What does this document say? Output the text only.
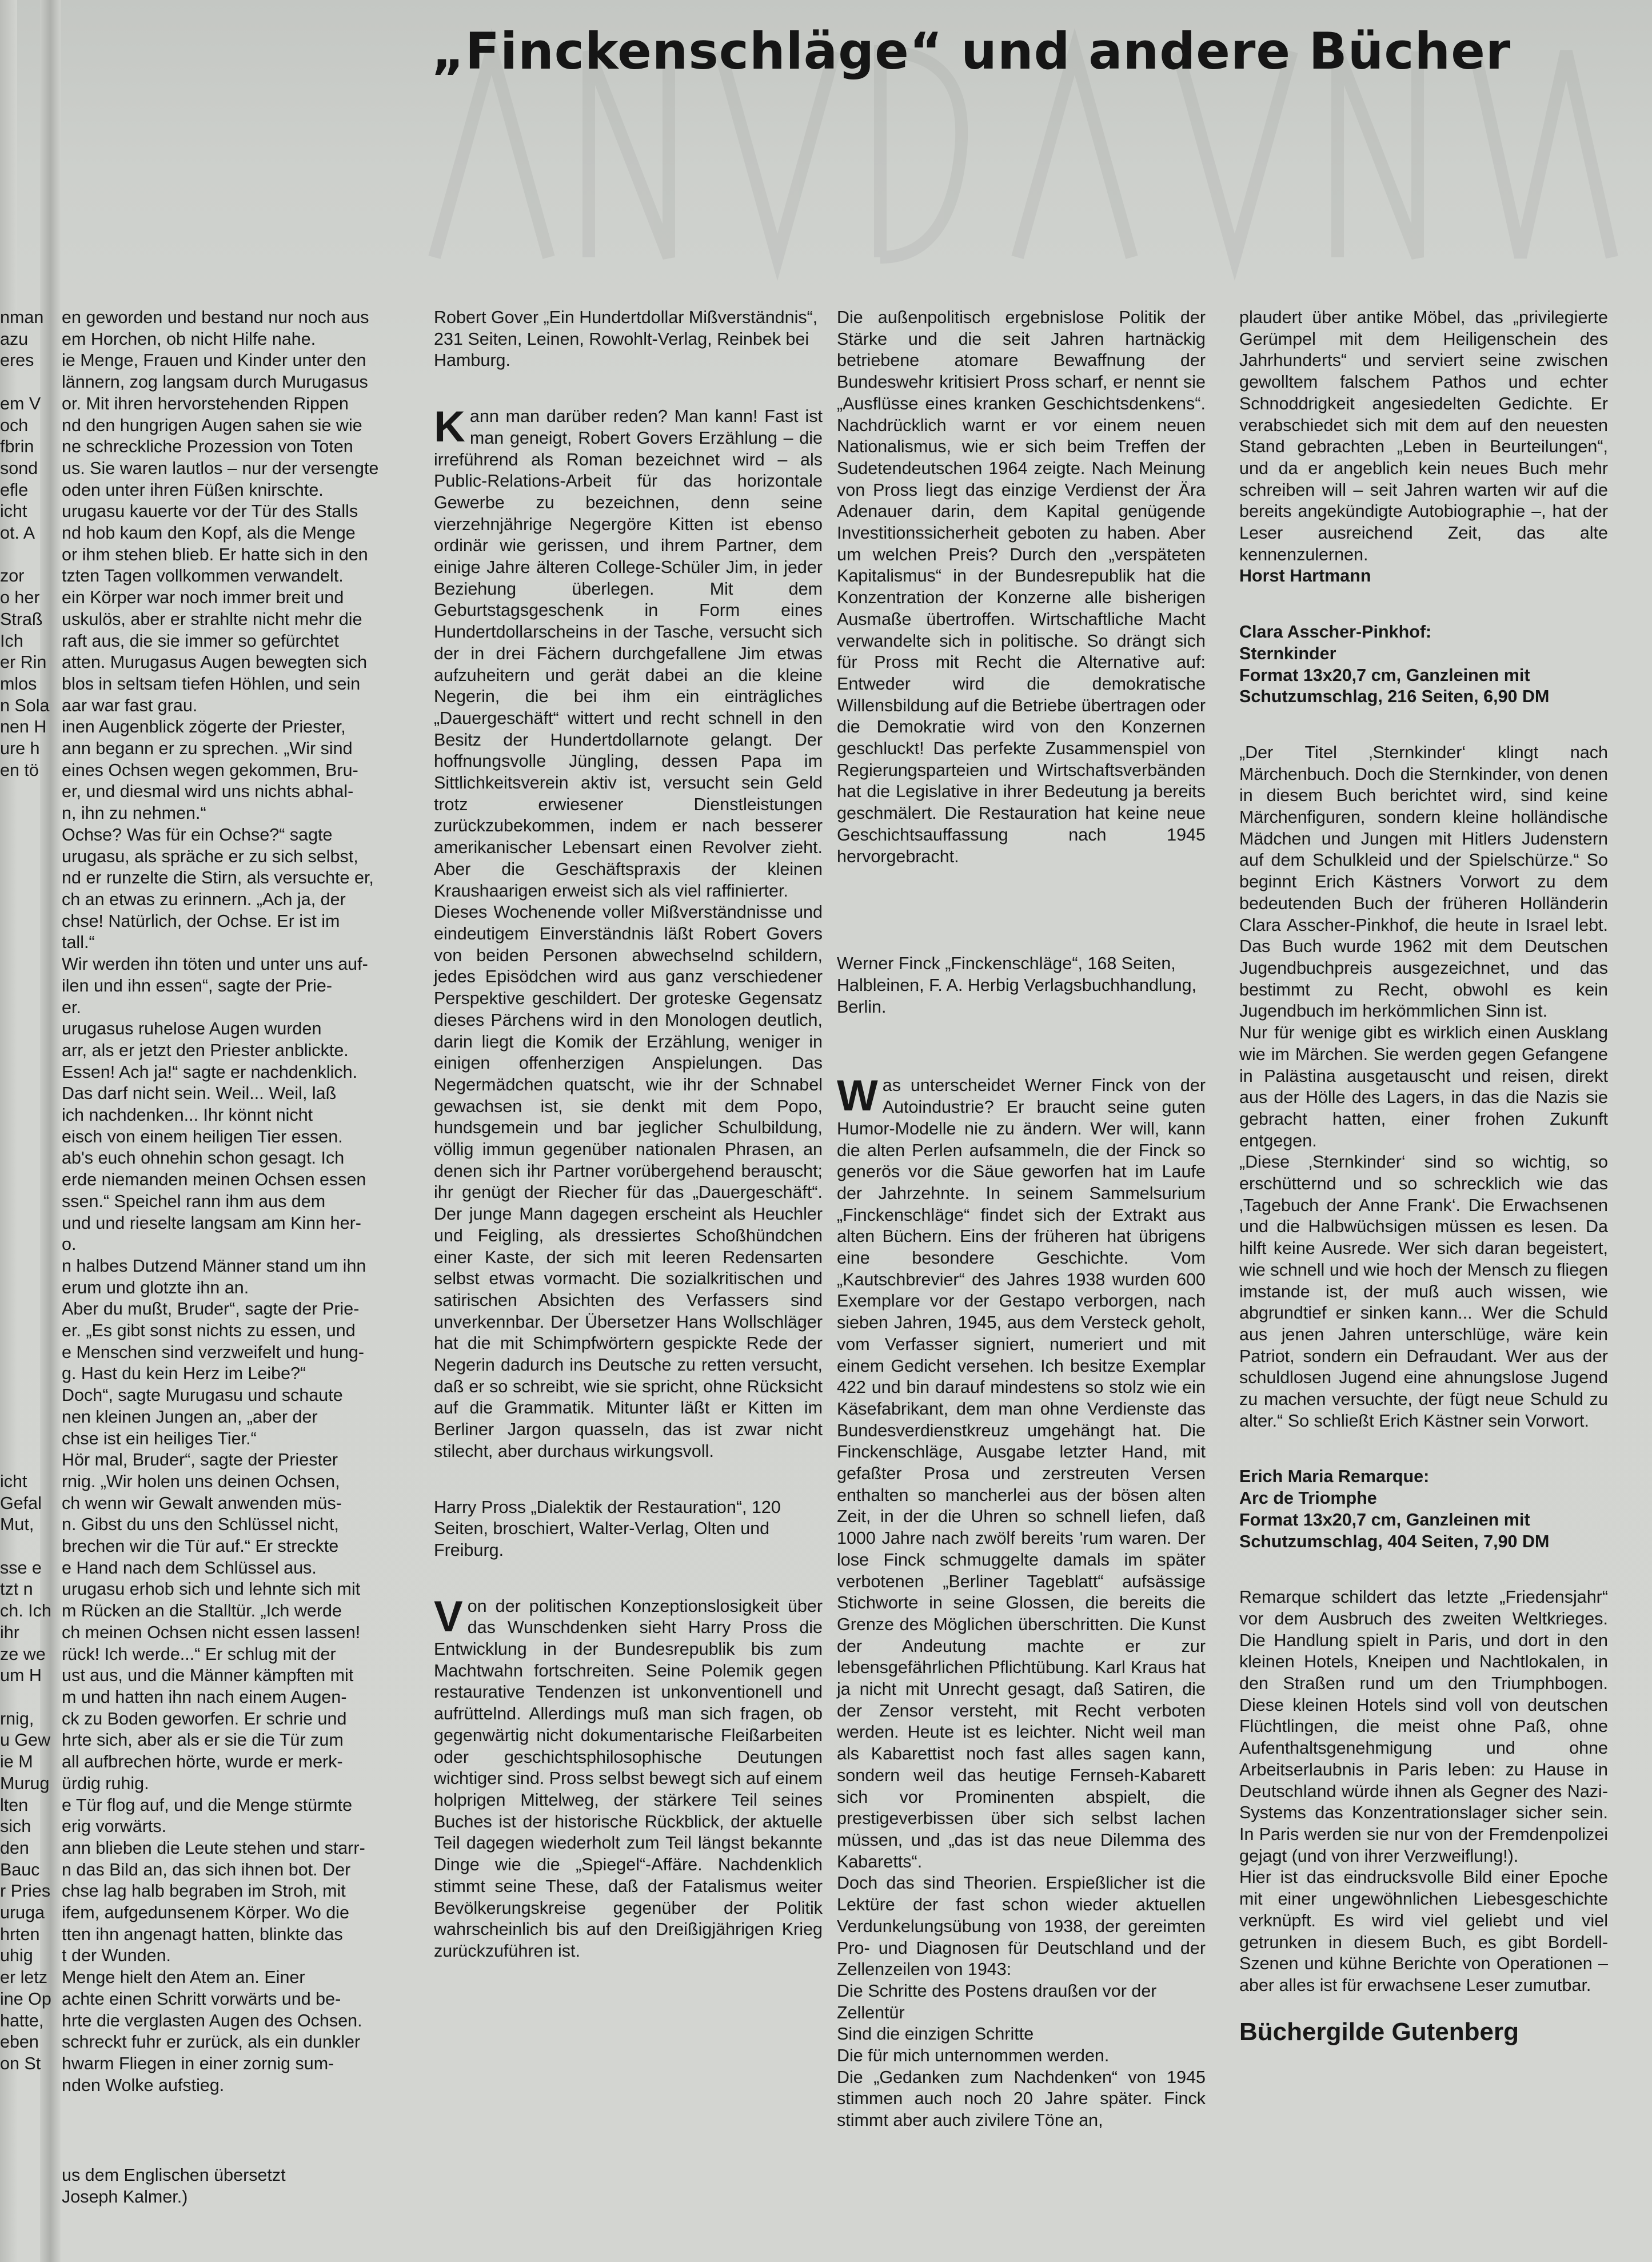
„Finckenschläge“ und andere Bücher
nman
azu
eres

em V
och
fbrin
sond
efle
icht
ot. A

zor
o her
Straß
Ich
er Rin
mlos
n Sola
nen H
ure h
en tö

icht
Gefal
Mut,

sse e
tzt n
ch. Ich
ihr
ze we
um H

rnig,
u Gew
ie M
Murug
lten
sich
den
Bauc
r Pries
uruga
hrten
uhig
er letz
ine Op
hatte,
eben
on St
en geworden und bestand nur noch aus
em Horchen, ob nicht Hilfe nahe.
ie Menge, Frauen und Kinder unter den
lännern, zog langsam durch Murugasus
or. Mit ihren hervorstehenden Rippen
nd den hungrigen Augen sahen sie wie
ne schreckliche Prozession von Toten
us. Sie waren lautlos – nur der versengte
oden unter ihren Füßen knirschte.
urugasu kauerte vor der Tür des Stalls
nd hob kaum den Kopf, als die Menge
or ihm stehen blieb. Er hatte sich in den
tzten Tagen vollkommen verwandelt.
ein Körper war noch immer breit und
uskulös, aber er strahlte nicht mehr die
raft aus, die sie immer so gefürchtet
atten. Murugasus Augen bewegten sich
blos in seltsam tiefen Höhlen, und sein
aar war fast grau.
inen Augenblick zögerte der Priester,
ann begann er zu sprechen. „Wir sind
eines Ochsen wegen gekommen, Bru-
er, und diesmal wird uns nichts abhal-
n, ihn zu nehmen.“
Ochse? Was für ein Ochse?“ sagte
urugasu, als spräche er zu sich selbst,
nd er runzelte die Stirn, als versuchte er,
ch an etwas zu erinnern. „Ach ja, der
chse! Natürlich, der Ochse. Er ist im
tall.“
Wir werden ihn töten und unter uns auf-
ilen und ihn essen“, sagte der Prie-
er.
urugasus ruhelose Augen wurden
arr, als er jetzt den Priester anblickte.
Essen! Ach ja!“ sagte er nachdenklich.
Das darf nicht sein. Weil... Weil, laß
ich nachdenken... Ihr könnt nicht
eisch von einem heiligen Tier essen.
ab's euch ohnehin schon gesagt. Ich
erde niemanden meinen Ochsen essen
ssen.“ Speichel rann ihm aus dem
und und rieselte langsam am Kinn her-
o.
n halbes Dutzend Männer stand um ihn
erum und glotzte ihn an.
Aber du mußt, Bruder“, sagte der Prie-
er. „Es gibt sonst nichts zu essen, und
e Menschen sind verzweifelt und hung-
g. Hast du kein Herz im Leibe?“
Doch“, sagte Murugasu und schaute
nen kleinen Jungen an, „aber der
chse ist ein heiliges Tier.“
Hör mal, Bruder“, sagte der Priester
rnig. „Wir holen uns deinen Ochsen,
ch wenn wir Gewalt anwenden müs-
n. Gibst du uns den Schlüssel nicht,
brechen wir die Tür auf.“ Er streckte
e Hand nach dem Schlüssel aus.
urugasu erhob sich und lehnte sich mit
m Rücken an die Stalltür. „Ich werde
ch meinen Ochsen nicht essen lassen!
rück! Ich werde...“ Er schlug mit der
ust aus, und die Männer kämpften mit
m und hatten ihn nach einem Augen-
ck zu Boden geworfen. Er schrie und
hrte sich, aber als er sie die Tür zum
all aufbrechen hörte, wurde er merk-
ürdig ruhig.
e Tür flog auf, und die Menge stürmte
erig vorwärts.
ann blieben die Leute stehen und starr-
n das Bild an, das sich ihnen bot. Der
chse lag halb begraben im Stroh, mit
ifem, aufgedunsenem Körper. Wo die
tten ihn angenagt hatten, blinkte das
t der Wunden.
Menge hielt den Atem an. Einer
achte einen Schritt vorwärts und be-
hrte die verglasten Augen des Ochsen.
schreckt fuhr er zurück, als ein dunkler
hwarm Fliegen in einer zornig sum-
nden Wolke aufstieg.
us dem Englischen übersetzt
Joseph Kalmer.)

Robert Gover „Ein Hundertdollar Mißverständnis“, 231 Seiten, Leinen, Rowohlt-Verlag, Reinbek bei Hamburg.

Kann man darüber reden? Man kann! Fast ist man geneigt, Robert Govers Erzählung – die irreführend als Roman bezeichnet wird – als Public-Relations-Arbeit für das horizontale Gewerbe zu bezeichnen, denn seine vierzehnjährige Negergöre Kitten ist ebenso ordinär wie gerissen, und ihrem Partner, dem einige Jahre älteren College-Schüler Jim, in jeder Beziehung überlegen. Mit dem Geburtstagsgeschenk in Form eines Hundertdollarscheins in der Tasche, versucht sich der in drei Fächern durchgefallene Jim etwas aufzuheitern und gerät dabei an die kleine Negerin, die bei ihm ein einträgliches „Dauergeschäft“ wittert und recht schnell in den Besitz der Hundertdollarnote gelangt. Der hoffnungsvolle Jüngling, dessen Papa im Sittlichkeitsverein aktiv ist, versucht sein Geld trotz erwiesener Dienstleistungen zurückzubekommen, indem er nach besserer amerikanischer Lebensart einen Revolver zieht. Aber die Geschäftspraxis der kleinen Kraushaarigen erweist sich als viel raffinierter.

Dieses Wochenende voller Mißverständnisse und eindeutigem Einverständnis läßt Robert Govers von beiden Personen abwechselnd schildern, jedes Episödchen wird aus ganz verschiedener Perspektive geschildert. Der groteske Gegensatz dieses Pärchens wird in den Monologen deutlich, darin liegt die Komik der Erzählung, weniger in einigen offenherzigen Anspielungen. Das Negermädchen quatscht, wie ihr der Schnabel gewachsen ist, sie denkt mit dem Popo, hundsgemein und bar jeglicher Schulbildung, völlig immun gegenüber nationalen Phrasen, an denen sich ihr Partner vorübergehend berauscht; ihr genügt der Riecher für das „Dauergeschäft“. Der junge Mann dagegen erscheint als Heuchler und Feigling, als dressiertes Schoßhündchen einer Kaste, der sich mit leeren Redensarten selbst etwas vormacht. Die sozialkritischen und satirischen Absichten des Verfassers sind unverkennbar. Der Übersetzer Hans Wollschläger hat die mit Schimpfwörtern gespickte Rede der Negerin dadurch ins Deutsche zu retten versucht, daß er so schreibt, wie sie spricht, ohne Rücksicht auf die Grammatik. Mitunter läßt er Kitten im Berliner Jargon quasseln, das ist zwar nicht stilecht, aber durchaus wirkungsvoll.

Harry Pross „Dialektik der Restauration“, 120 Seiten, broschiert, Walter-Verlag, Olten und Freiburg.

Von der politischen Konzeptionslosigkeit über das Wunschdenken sieht Harry Pross die Entwicklung in der Bundesrepublik bis zum Machtwahn fortschreiten. Seine Polemik gegen restaurative Tendenzen ist unkonventionell und aufrüttelnd. Allerdings muß man sich fragen, ob gegenwärtig nicht dokumentarische Fleißarbeiten oder geschichtsphilosophische Deutungen wichtiger sind. Pross selbst bewegt sich auf einem holprigen Mittelweg, der stärkere Teil seines Buches ist der historische Rückblick, der aktuelle Teil dagegen wiederholt zum Teil längst bekannte Dinge wie die „Spiegel“-Affäre. Nachdenklich stimmt seine These, daß der Fatalismus weiter Bevölkerungskreise gegenüber der Politik wahrscheinlich bis auf den Dreißigjährigen Krieg zurückzuführen ist.

Die außenpolitisch ergebnislose Politik der Stärke und die seit Jahren hartnäckig betriebene atomare Bewaffnung der Bundeswehr kritisiert Pross scharf, er nennt sie „Ausflüsse eines kranken Geschichtsdenkens“. Nachdrücklich warnt er vor einem neuen Nationalismus, wie er sich beim Treffen der Sudetendeutschen 1964 zeigte. Nach Meinung von Pross liegt das einzige Verdienst der Ära Adenauer darin, dem Kapital genügende Investitionssicherheit geboten zu haben. Aber um welchen Preis? Durch den „verspäteten Kapitalismus“ in der Bundesrepublik hat die Konzentration der Konzerne alle bisherigen Ausmaße übertroffen. Wirtschaftliche Macht verwandelte sich in politische. So drängt sich für Pross mit Recht die Alternative auf: Entweder wird die demokratische Willensbildung auf die Betriebe übertragen oder die Demokratie wird von den Konzernen geschluckt! Das perfekte Zusammenspiel von Regierungsparteien und Wirtschaftsverbänden hat die Legislative in ihrer Bedeutung ja bereits geschmälert. Die Restauration hat keine neue Geschichtsauffassung nach 1945 hervorgebracht.

Werner Finck „Finckenschläge“, 168 Seiten, Halbleinen, F. A. Herbig Verlagsbuchhandlung, Berlin.

Was unterscheidet Werner Finck von der Autoindustrie? Er braucht seine guten Humor-Modelle nie zu ändern. Wer will, kann die alten Perlen aufsammeln, die der Finck so generös vor die Säue geworfen hat im Laufe der Jahrzehnte. In seinem Sammelsurium „Finckenschläge“ findet sich der Extrakt aus alten Büchern. Eins der früheren hat übrigens eine besondere Geschichte. Vom „Kautschbrevier“ des Jahres 1938 wurden 600 Exemplare vor der Gestapo verborgen, nach sieben Jahren, 1945, aus dem Versteck geholt, vom Verfasser signiert, numeriert und mit einem Gedicht versehen. Ich besitze Exemplar 422 und bin darauf mindestens so stolz wie ein Käsefabrikant, dem man ohne Verdienste das Bundesverdienstkreuz umgehängt hat. Die Finckenschläge, Ausgabe letzter Hand, mit gefaßter Prosa und zerstreuten Versen enthalten so mancherlei aus der bösen alten Zeit, in der die Uhren so schnell liefen, daß 1000 Jahre nach zwölf bereits 'rum waren. Der lose Finck schmuggelte damals im später verbotenen „Berliner Tageblatt“ aufsässige Stichworte in seine Glossen, die bereits die Grenze des Möglichen überschritten. Die Kunst der Andeutung machte er zur lebensgefährlichen Pflichtübung. Karl Kraus hat ja nicht mit Unrecht gesagt, daß Satiren, die der Zensor versteht, mit Recht verboten werden. Heute ist es leichter. Nicht weil man als Kabarettist noch fast alles sagen kann, sondern weil das heutige Fernseh-Kabarett sich vor Prominenten abspielt, die prestigeverbissen über sich selbst lachen müssen, und „das ist das neue Dilemma des Kabaretts“.

Doch das sind Theorien. Erspießlicher ist die Lektüre der fast schon wieder aktuellen Verdunkelungsübung von 1938, der gereimten Pro- und Diagnosen für Deutschland und der Zellenzeilen von 1943:

Die Schritte des Postens draußen vor der Zellentür

Sind die einzigen Schritte

Die für mich unternommen werden.

Die „Gedanken zum Nachdenken“ von 1945 stimmen auch noch 20 Jahre später. Finck stimmt aber auch zivilere Töne an,

plaudert über antike Möbel, das „privilegierte Gerümpel mit dem Heiligenschein des Jahrhunderts“ und serviert seine zwischen gewolltem falschem Pathos und echter Schnoddrigkeit angesiedelten Gedichte. Er verabschiedet sich mit dem auf den neuesten Stand gebrachten „Leben in Beurteilungen“, und da er angeblich kein neues Buch mehr schreiben will – seit Jahren warten wir auf die bereits angekündigte Autobiographie –, hat der Leser ausreichend Zeit, das alte kennenzulernen.

Horst Hartmann

Clara Asscher-Pinkhof:

Sternkinder

Format 13x20,7 cm, Ganzleinen mit Schutzumschlag, 216 Seiten, 6,90 DM

„Der Titel ‚Sternkinder‘ klingt nach Märchenbuch. Doch die Sternkinder, von denen in diesem Buch berichtet wird, sind keine Märchenfiguren, sondern kleine holländische Mädchen und Jungen mit Hitlers Judenstern auf dem Schulkleid und der Spielschürze.“ So beginnt Erich Kästners Vorwort zu dem bedeutenden Buch der früheren Holländerin Clara Asscher-Pinkhof, die heute in Israel lebt. Das Buch wurde 1962 mit dem Deutschen Jugendbuchpreis ausgezeichnet, und das bestimmt zu Recht, obwohl es kein Jugendbuch im herkömmlichen Sinn ist.

Nur für wenige gibt es wirklich einen Ausklang wie im Märchen. Sie werden gegen Gefangene in Palästina ausgetauscht und reisen, direkt aus der Hölle des Lagers, in das die Nazis sie gebracht hatten, einer frohen Zukunft entgegen.

„Diese ‚Sternkinder‘ sind so wichtig, so erschütternd und so schrecklich wie das ‚Tagebuch der Anne Frank‘. Die Erwachsenen und die Halbwüchsigen müssen es lesen. Da hilft keine Ausrede. Wer sich daran begeistert, wie schnell und wie hoch der Mensch zu fliegen imstande ist, der muß auch wissen, wie abgrundtief er sinken kann... Wer die Schuld aus jenen Jahren unterschlüge, wäre kein Patriot, sondern ein Defraudant. Wer aus der schuldlosen Jugend eine ahnungslose Jugend zu machen versuchte, der fügt neue Schuld zu alter.“ So schließt Erich Kästner sein Vorwort.

Erich Maria Remarque:

Arc de Triomphe

Format 13x20,7 cm, Ganzleinen mit Schutzumschlag, 404 Seiten, 7,90 DM

Remarque schildert das letzte „Friedensjahr“ vor dem Ausbruch des zweiten Weltkrieges. Die Handlung spielt in Paris, und dort in den kleinen Hotels, Kneipen und Nachtlokalen, in den Straßen rund um den Triumphbogen. Diese kleinen Hotels sind voll von deutschen Flüchtlingen, die meist ohne Paß, ohne Aufenthaltsgenehmigung und ohne Arbeitserlaubnis in Paris leben: zu Hause in Deutschland würde ihnen als Gegner des Nazi-Systems das Konzentrationslager sicher sein. In Paris werden sie nur von der Fremdenpolizei gejagt (und von ihrer Verzweiflung!).

Hier ist das eindrucksvolle Bild einer Epoche mit einer ungewöhnlichen Liebesgeschichte verknüpft. Es wird viel geliebt und viel getrunken in diesem Buch, es gibt Bordell-Szenen und kühne Berichte von Operationen – aber alles ist für erwachsene Leser zumutbar.

Büchergilde Gutenberg
